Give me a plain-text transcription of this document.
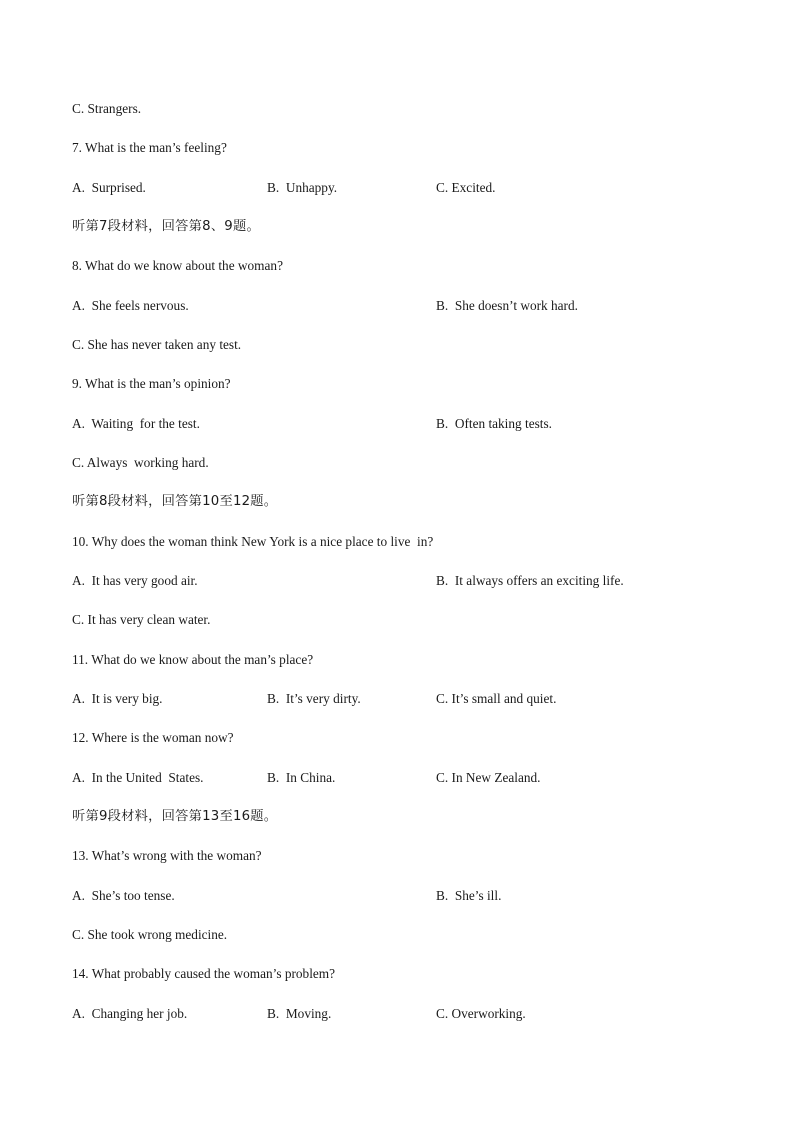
C. Strangers.
7. What is the man’s feeling?
A.  Surprised.	B.  Unhappy.	C. Excited.
听第7段材料，回答第8、9题。
8. What do we know about the woman?
A.  She feels nervous.	B.  She doesn’t work hard.
C. She has never taken any test.
9. What is the man’s opinion?
A.  Waiting  for the test.	B.  Often taking tests.
C. Always  working hard.
听第8段材料，回答第10至12题。
10. Why does the woman think New York is a nice place to live  in?
A.  It has very good air.	B.  It always offers an exciting life.
C. It has very clean water.
11. What do we know about the man’s place?
A.  It is very big.	B.  It’s very dirty.	C. It’s small and quiet.
12. Where is the woman now?
A.  In the United  States.	B.  In China.	C. In New Zealand.
听第9段材料，回答第13至16题。
13. What’s wrong with the woman?
A.  She’s too tense.	B.  She’s ill.
C. She took wrong medicine.
14. What probably caused the woman’s problem?
A.  Changing her job.	B.  Moving.	C. Overworking.
